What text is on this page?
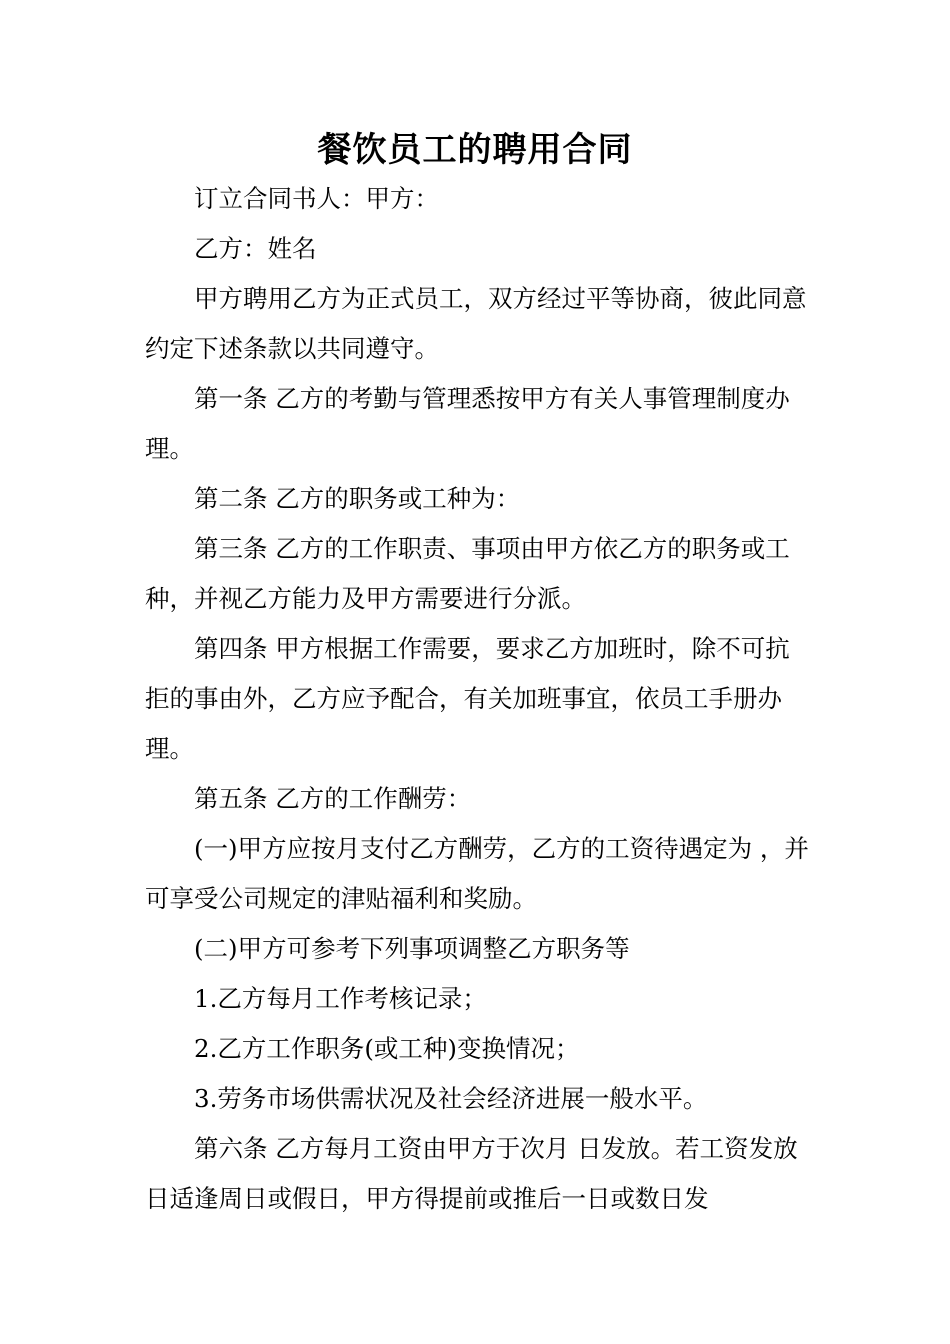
餐饮员工的聘用合同

订立合同书人：甲方：

乙方：姓名

甲方聘用乙方为正式员工，双方经过平等协商，彼此同意约定下述条款以共同遵守。

第一条 乙方的考勤与管理悉按甲方有关人事管理制度办理。

第二条 乙方的职务或工种为：

第三条 乙方的工作职责、事项由甲方依乙方的职务或工种，并视乙方能力及甲方需要进行分派。

第四条 甲方根据工作需要，要求乙方加班时，除不可抗拒的事由外，乙方应予配合，有关加班事宜，依员工手册办理。

第五条 乙方的工作酬劳：

(一)甲方应按月支付乙方酬劳，乙方的工资待遇定为 ，并可享受公司规定的津贴福利和奖励。

(二)甲方可参考下列事项调整乙方职务等

1.乙方每月工作考核记录；

2.乙方工作职务(或工种)变换情况；

3.劳务市场供需状况及社会经济进展一般水平。

第六条 乙方每月工资由甲方于次月 日发放。若工资发放日适逢周日或假日，甲方得提前或推后一日或数日发
